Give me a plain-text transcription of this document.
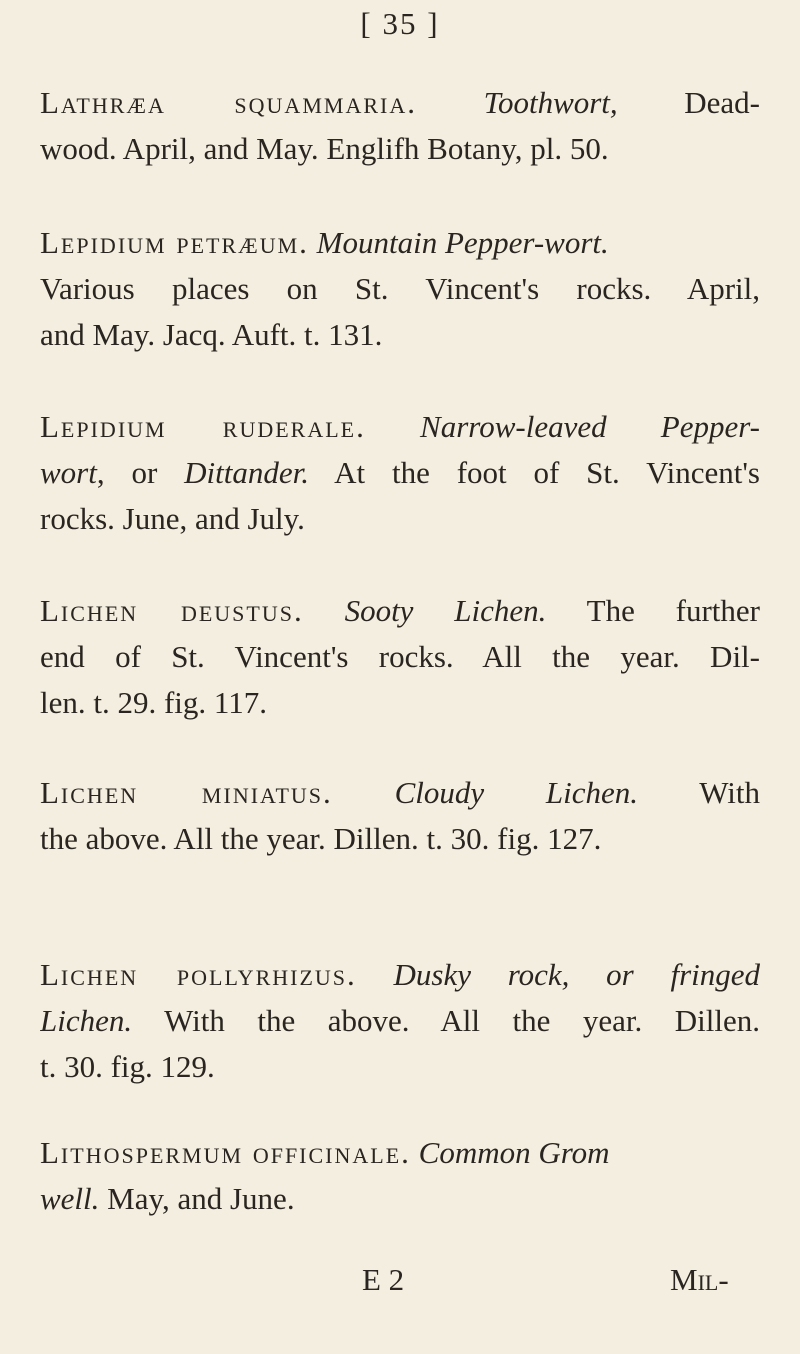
[ 35 ]
Lathræa squammaria. Toothwort, Dead-
wood. April, and May. Englifh Botany, pl. 50.
Lepidium petræum. Mountain Pepper-wort.
Various places on St. Vincent's rocks. April,
and May. Jacq. Auft. t. 131.
Lepidium ruderale. Narrow-leaved Pepper-
wort, or Dittander. At the foot of St. Vincent's
rocks. June, and July.
Lichen deustus. Sooty Lichen. The further
end of St. Vincent's rocks. All the year. Dil-
len. t. 29. fig. 117.
Lichen miniatus. Cloudy Lichen. With
the above. All the year. Dillen. t. 30. fig. 127.
Lichen pollyrhizus. Dusky rock, or fringed
Lichen. With the above. All the year. Dillen.
t. 30. fig. 129.
Lithospermum officinale. Common Grom
well. May, and June.
E 2	Mil-
